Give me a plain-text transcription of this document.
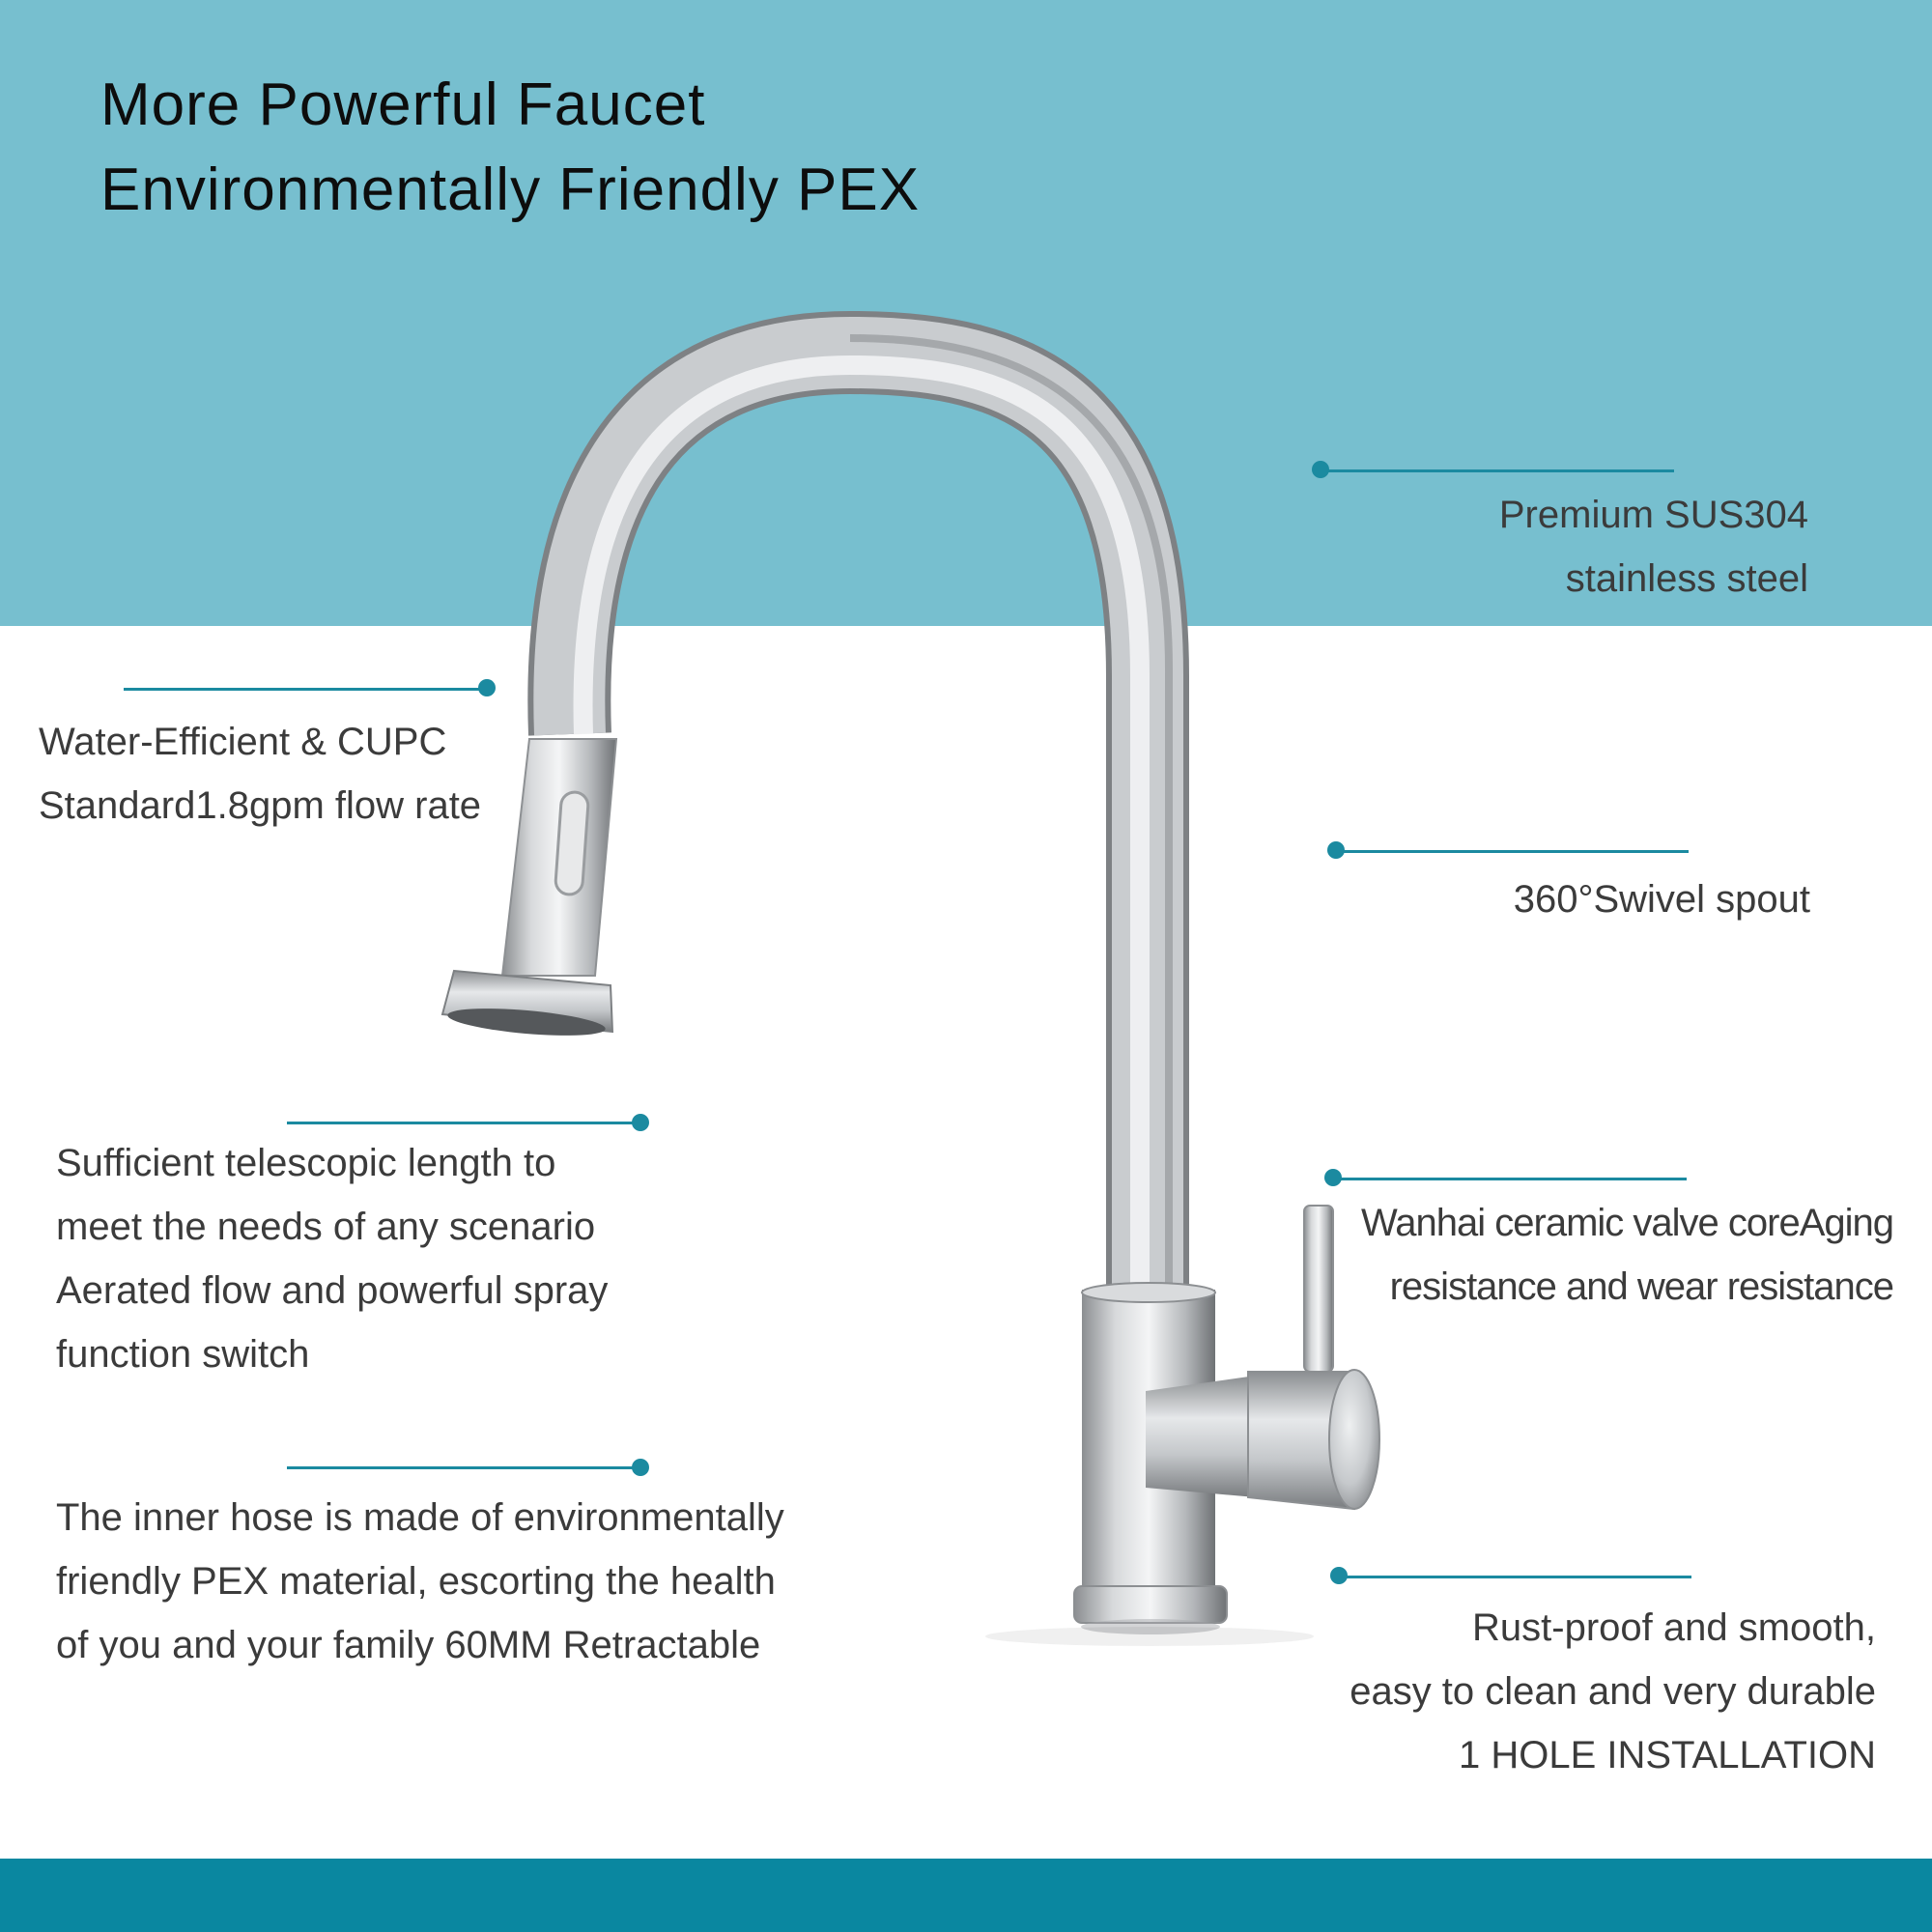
More Powerful Faucet
Environmentally Friendly PEX

Premium SUS304
stainless steel

Water-Efficient & CUPC
Standard1.8gpm flow rate

360°Swivel spout

Sufficient telescopic length to
meet the needs of any scenario
Aerated flow and powerful spray
function switch

Wanhai ceramic valve coreAging
resistance and wear resistance

The inner hose is made of environmentally
friendly PEX material, escorting the health
of you and your family 60MM Retractable	Rust-proof and smooth,
easy to clean and very durable
1 HOLE INSTALLATION
